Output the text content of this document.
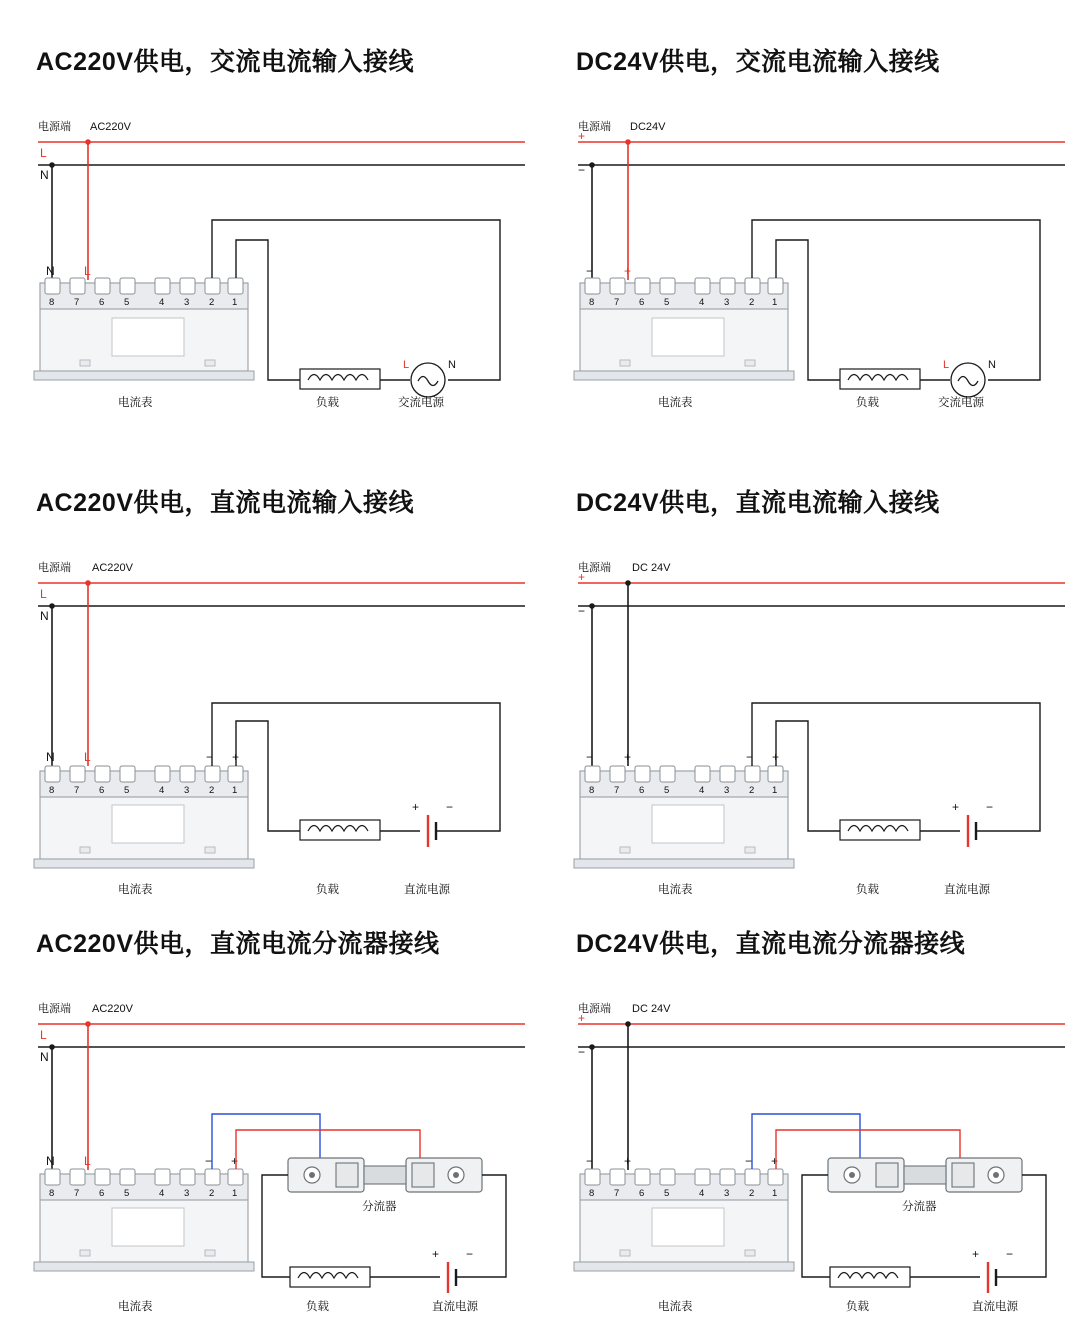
AC220V供电，交流电流输入接线
电源端 AC220V
L
N
N L
8 7 6 5	4 3 2 1
L	N
电流表	负载	交流电源
DC24V供电，交流电流输入接线
电源端 DC24V
+
−
−	+
8 7 6 5	4 3 2 1
L	N
电流表	负载	交流电源
AC220V供电，直流电流输入接线
电源端 AC220V
L
N
N L	− +
8 7 6 5	4 3 2 1
+ −
电流表	负载	直流电源
DC24V供电，直流电流输入接线
电源端 DC 24V
+
−
−	+	− +
8 7 6 5	4 3 2 1
+ −
电流表	负载	直流电源
AC220V供电，直流电流分流器接线
电源端 AC220V
L
N
N L	− +
8 7 6 5	4 3 2 1
分流器
+ −
电流表	负载	直流电源
DC24V供电，直流电流分流器接线
电源端 DC 24V
+
−
−	+	− +
8 7 6 5	4 3 2 1
分流器
+ −
电流表	负载	直流电源
